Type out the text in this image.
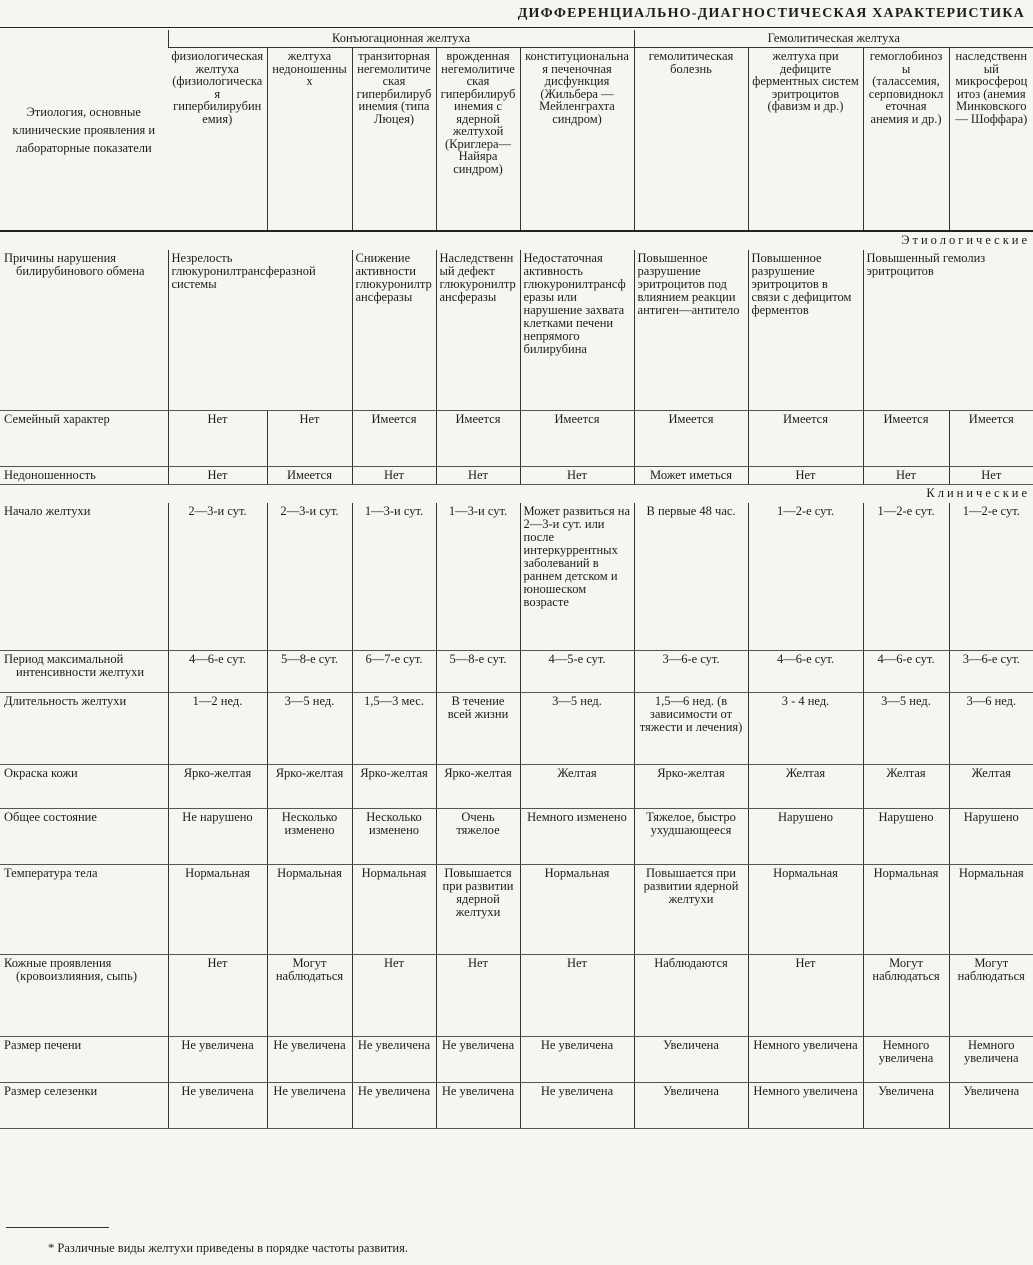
ДИФФЕРЕНЦИАЛЬНО-ДИАГНОСТИЧЕСКАЯ ХАРАКТЕРИСТИКА
Этиология, основные клинические проявления и лабораторные показатели	Конъюгационная желтуха					Гемолитическая желтуха			
	физиологическая желтуха (физиологическая гипербилирубинемия)	желтуха недоношенных	транзиторная негемолитическая гипербилирубинемия (типа Люцея)	врожденная негемолитическая гипербилирубинемия с ядерной желтухой (Криглера—Найяра синдром)	конституциональная печеночная дисфункция (Жильбера — Мейленграхта синдром)	гемолитическая болезнь	желтуха при дефиците ферментных систем эритроцитов (фавизм и др.)	гемоглобинозы (талассемия, серповидноклеточная анемия и др.)	наследственный микросфероцитоз (анемия Минковского — Шоффара)
Этиологические									
Причины нарушения билирубинового обмена	Незрелость глюкуронилтрансферазной системы		Снижение активности глюкуронилтрансферазы	Наследственный дефект глюкуронилтрансферазы	Недостаточная активность глюкуронилтрансферазы или нарушение захвата клетками печени непрямого билирубина	Повышенное разрушение эритроцитов под влиянием реакции антиген—антитело	Повышенное разрушение эритроцитов в связи с дефицитом ферментов	Повышенный гемолиз эритроцитов	
Семейный характер	Нет	Нет	Имеется	Имеется	Имеется	Имеется	Имеется	Имеется	Имеется
Недоношенность	Нет	Имеется	Нет	Нет	Нет	Может иметься	Нет	Нет	Нет
Клинические									
Начало желтухи	2—3-и сут.	2—3-и сут.	1—3-и сут.	1—3-и сут.	Может развиться на 2—3-и сут. или после интеркуррентных заболеваний в раннем детском и юношеском возрасте	В первые 48 час.	1—2-е сут.	1—2-е сут.	1—2-е сут.
Период максимальной интенсивности желтухи	4—6-е сут.	5—8-е сут.	6—7-е сут.	5—8-е сут.	4—5-е сут.	3—6-е сут.	4—6-е сут.	4—6-е сут.	3—6-е сут.
Длительность желтухи	1—2 нед.	3—5 нед.	1,5—3 мес.	В течение всей жизни	3—5 нед.	1,5—6 нед. (в зависимости от тяжести и лечения)	3 - 4 нед.	3—5 нед.	3—6 нед.
Окраска кожи	Ярко-желтая	Ярко-желтая	Ярко-желтая	Ярко-желтая	Желтая	Ярко-желтая	Желтая	Желтая	Желтая
Общее состояние	Не нарушено	Несколько изменено	Несколько изменено	Очень тяжелое	Немного изменено	Тяжелое, быстро ухудшающееся	Нарушено	Нарушено	Нарушено
Температура тела	Нормальная	Нормальная	Нормальная	Повышается при развитии ядерной желтухи	Нормальная	Повышается при развитии ядерной желтухи	Нормальная	Нормальная	Нормальная
Кожные проявления (кровоизлияния, сыпь)	Нет	Могут наблюдаться	Нет	Нет	Нет	Наблюдаются	Нет	Могут наблюдаться	Могут наблюдаться
Размер печени	Не увеличена	Не увеличена	Не увеличена	Не увеличена	Не увеличена	Увеличена	Немного увеличена	Немного увеличена	Немного увеличена
Размер селезенки	Не увеличена	Не увеличена	Не увеличена	Не увеличена	Не увеличена	Увеличена	Немного увеличена	Увеличена	Увеличена
* Различные виды желтухи приведены в порядке частоты развития.
